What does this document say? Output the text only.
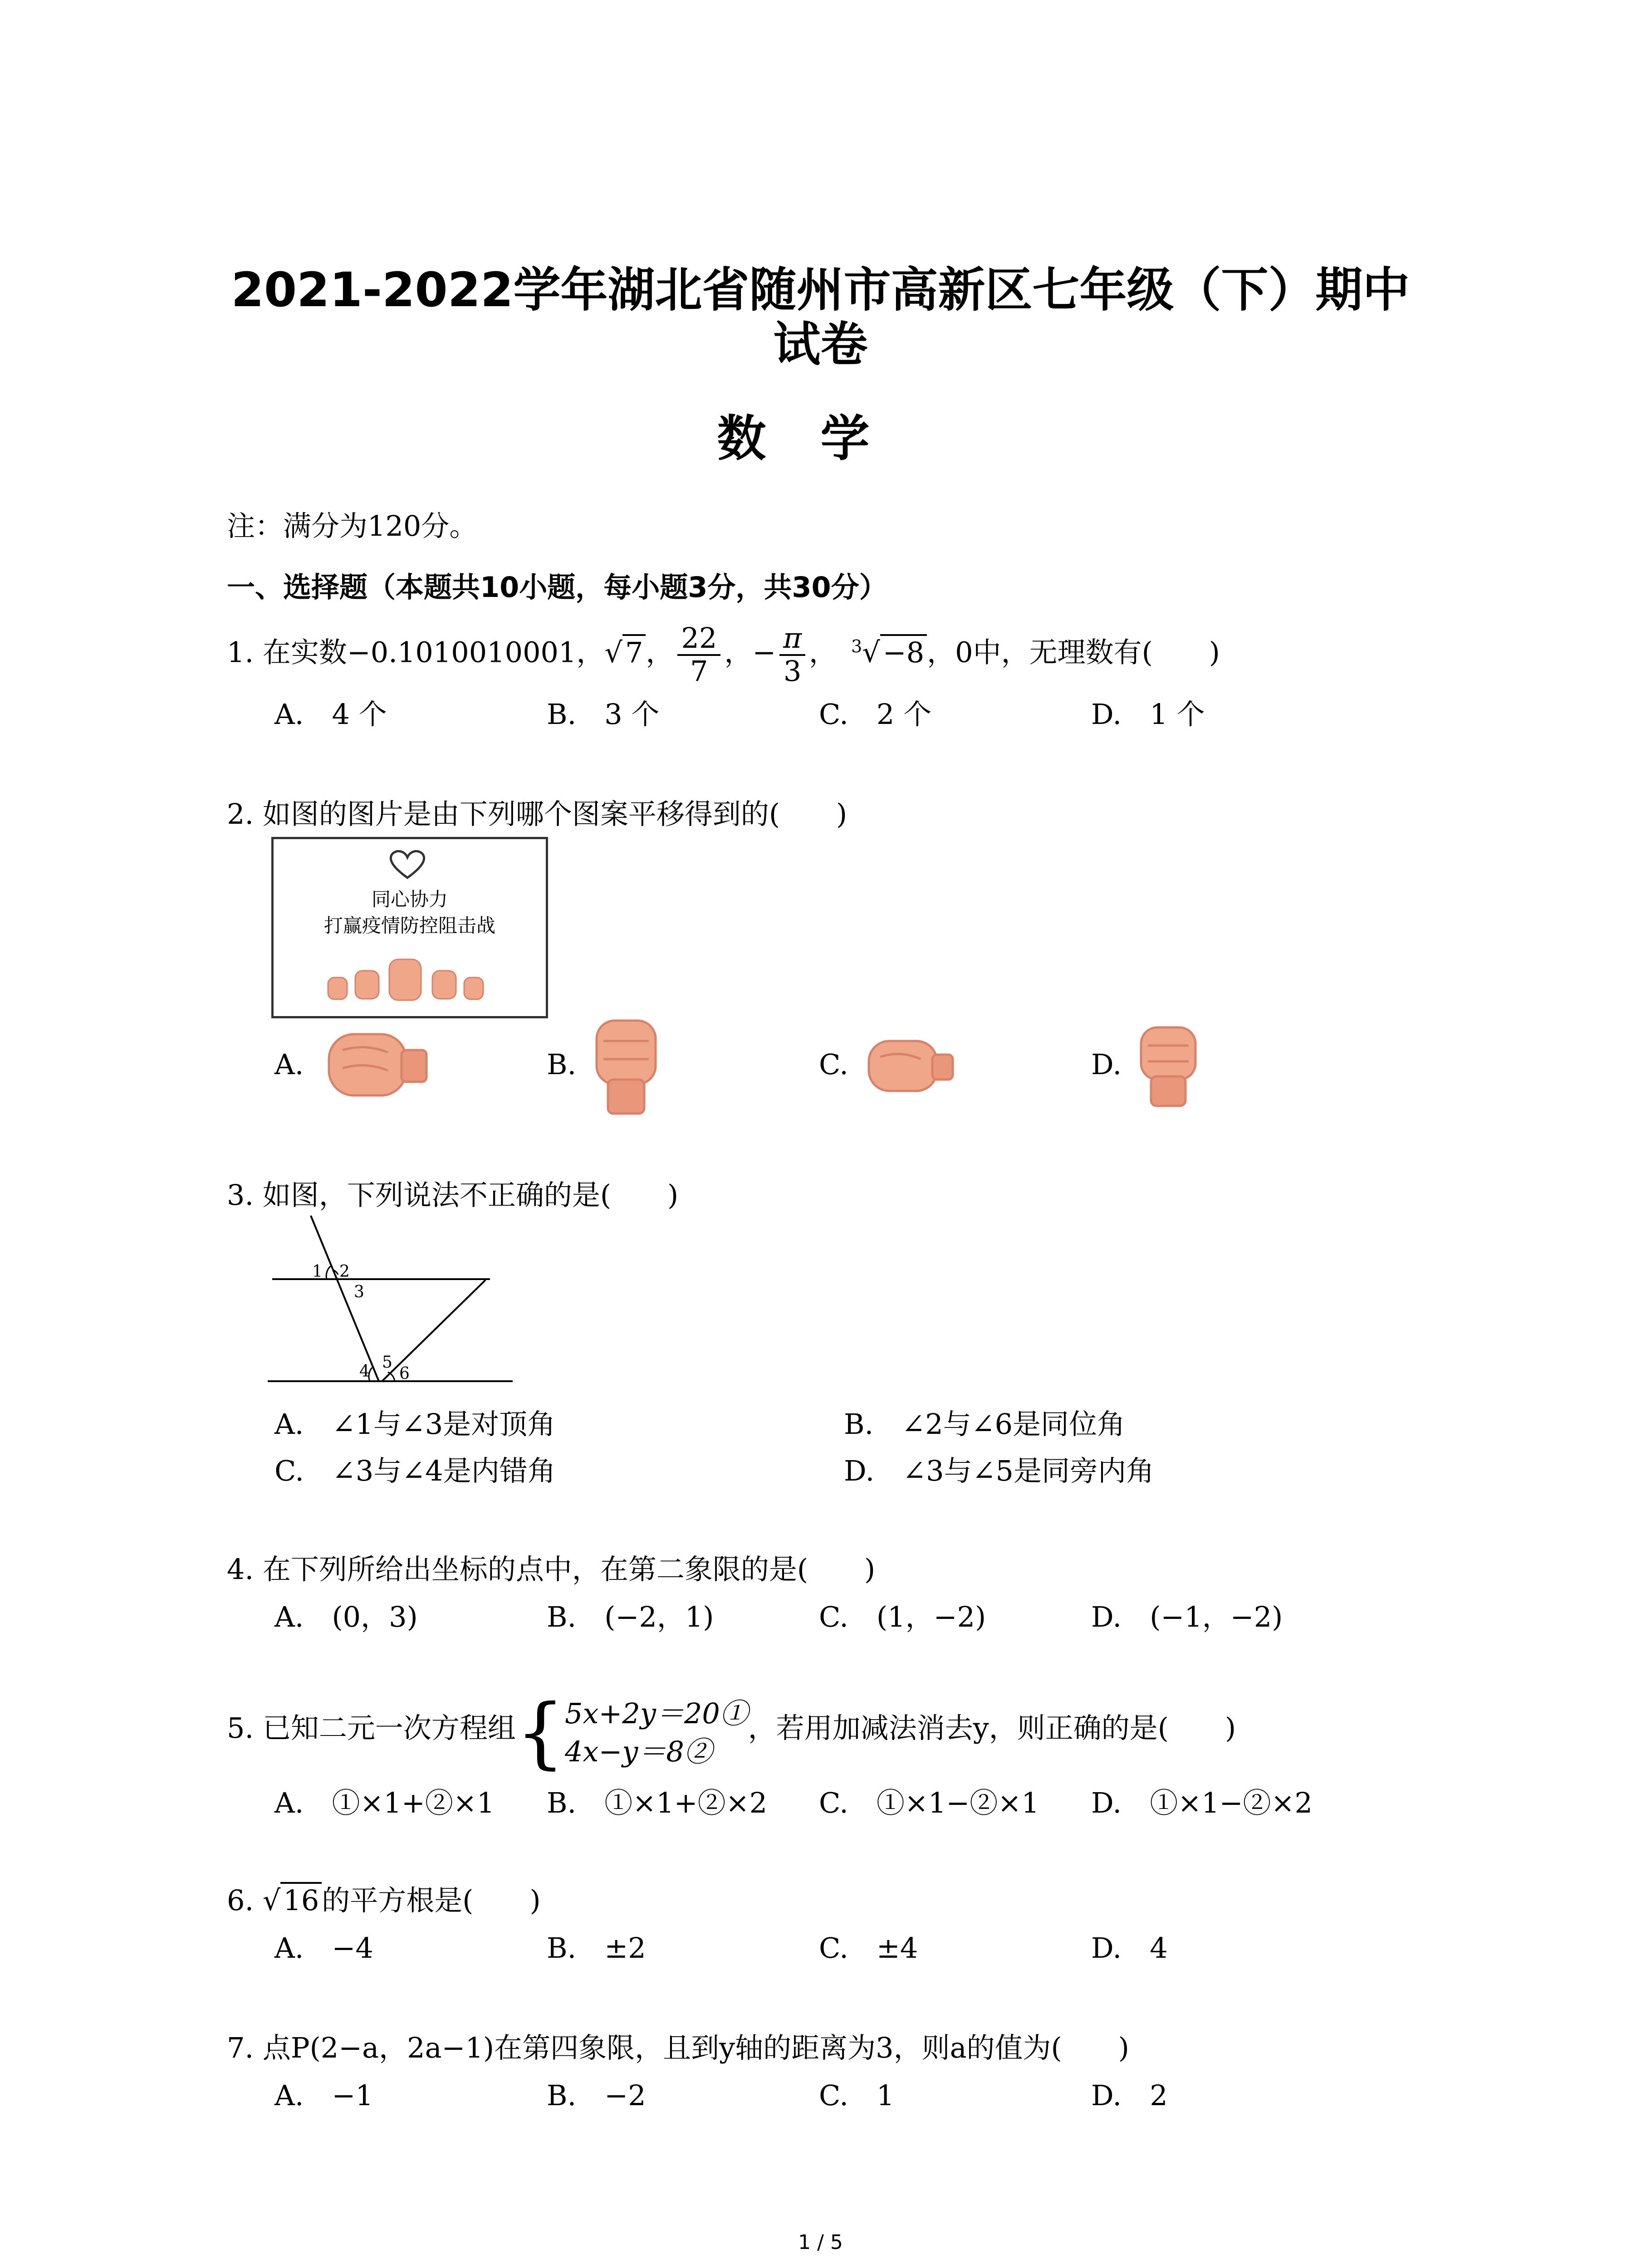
2021-2022学年湖北省随州市高新区七年级（下）期中
试卷
数学
注：满分为120分。
一、选择题（本题共10小题，每小题3分，共30分）
1. 在实数−0.1010010001，√7， $\frac{22}{7}$ ，− $\frac{\pi}{3}$ ，　$^3$√−8，0中，无理数有(　　)
A.　4 个	B.　3 个	C.　2 个	D.　1 个
2. 如图的图片是由下列哪个图案平移得到的(　　)
同心协力
打赢疫情防控阻击战
A.	B.	C.	D.
3. 如图，下列说法不正确的是(　　)
1 2
3
4 5
6
A.　∠1与∠3是对顶角	B.　∠2与∠6是同位角
C.　∠3与∠4是内错角	D.　∠3与∠5是同旁内角
4. 在下列所给出坐标的点中，在第二象限的是(　　)
A.　(0，3)	B.　(−2，1)	C.　(1，−2)	D.　(−1，−2)
5. 已知二元一次方程组{ 5x+2y＝20①
4x−y＝8②
，若用加减法消去y，则正确的是(　　)
A.　①×1+②×1 B.　①×1+②×2 C.　①×1−②×1 D.　①×1−②×2
6. √16的平方根是(　　)
A.　−4	B.　±2	C.　±4	D.　4
7. 点P(2−a，2a−1)在第四象限，且到y轴的距离为3，则a的值为(　　)
A.　−1	B.　−2	C.　1	D.　2
1 / 5
